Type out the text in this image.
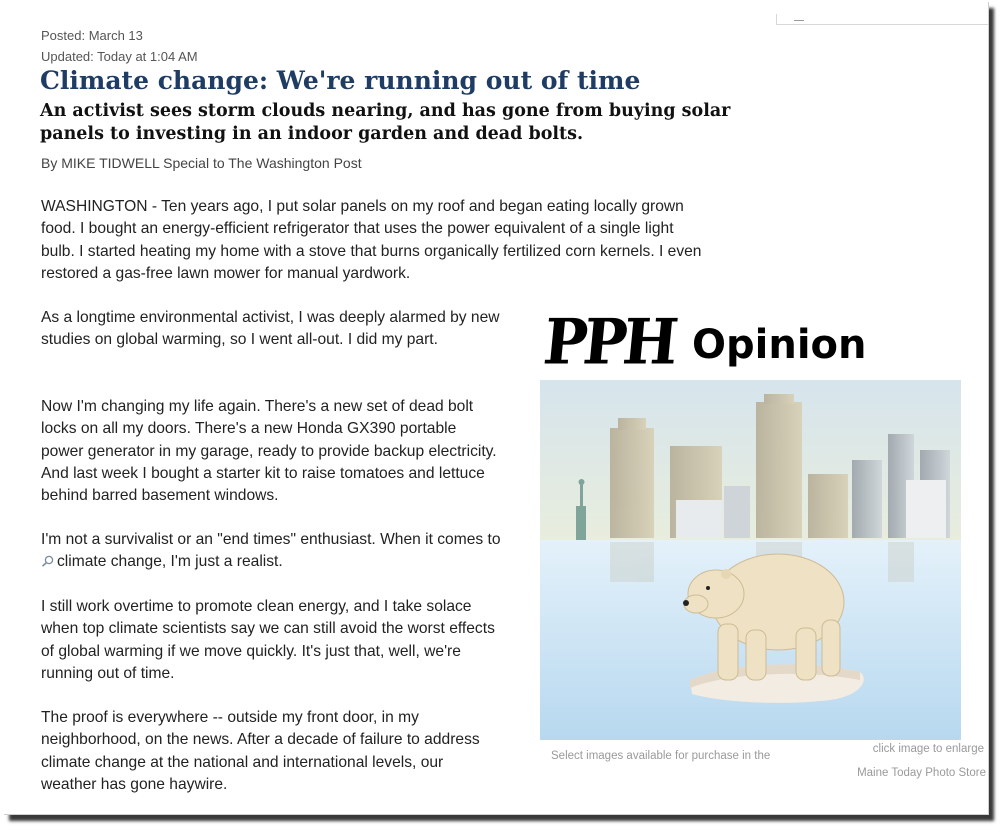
Posted: March 13
Updated: Today at 1:04 AM
Climate change: We're running out of time
An activist sees storm clouds nearing, and has gone from buying solar panels to investing in an indoor garden and dead bolts.
By MIKE TIDWELL Special to The Washington Post

WASHINGTON - Ten years ago, I put solar panels on my roof and began eating locally grown food. I bought an energy-efficient refrigerator that uses the power equivalent of a single light bulb. I started heating my home with a stove that burns organically fertilized corn kernels. I even restored a gas-free lawn mower for manual yardwork.

As a longtime environmental activist, I was deeply alarmed by new studies on global warming, so I went all-out. I did my part.

Now I'm changing my life again. There's a new set of dead bolt locks on all my doors. There's a new Honda GX390 portable power generator in my garage, ready to provide backup electricity. And last week I bought a starter kit to raise tomatoes and lettuce behind barred basement windows.

I'm not a survivalist or an "end times" enthusiast. When it comes to climate change, I'm just a realist.

I still work overtime to promote clean energy, and I take solace when top climate scientists say we can still avoid the worst effects of global warming if we move quickly. It's just that, well, we're running out of time.

The proof is everywhere -- outside my front door, in my neighborhood, on the news. After a decade of failure to address climate change at the national and international levels, our weather has gone haywire.

PPH Opinion
click image to enlarge
Select images available for purchase in the
Maine Today Photo Store
